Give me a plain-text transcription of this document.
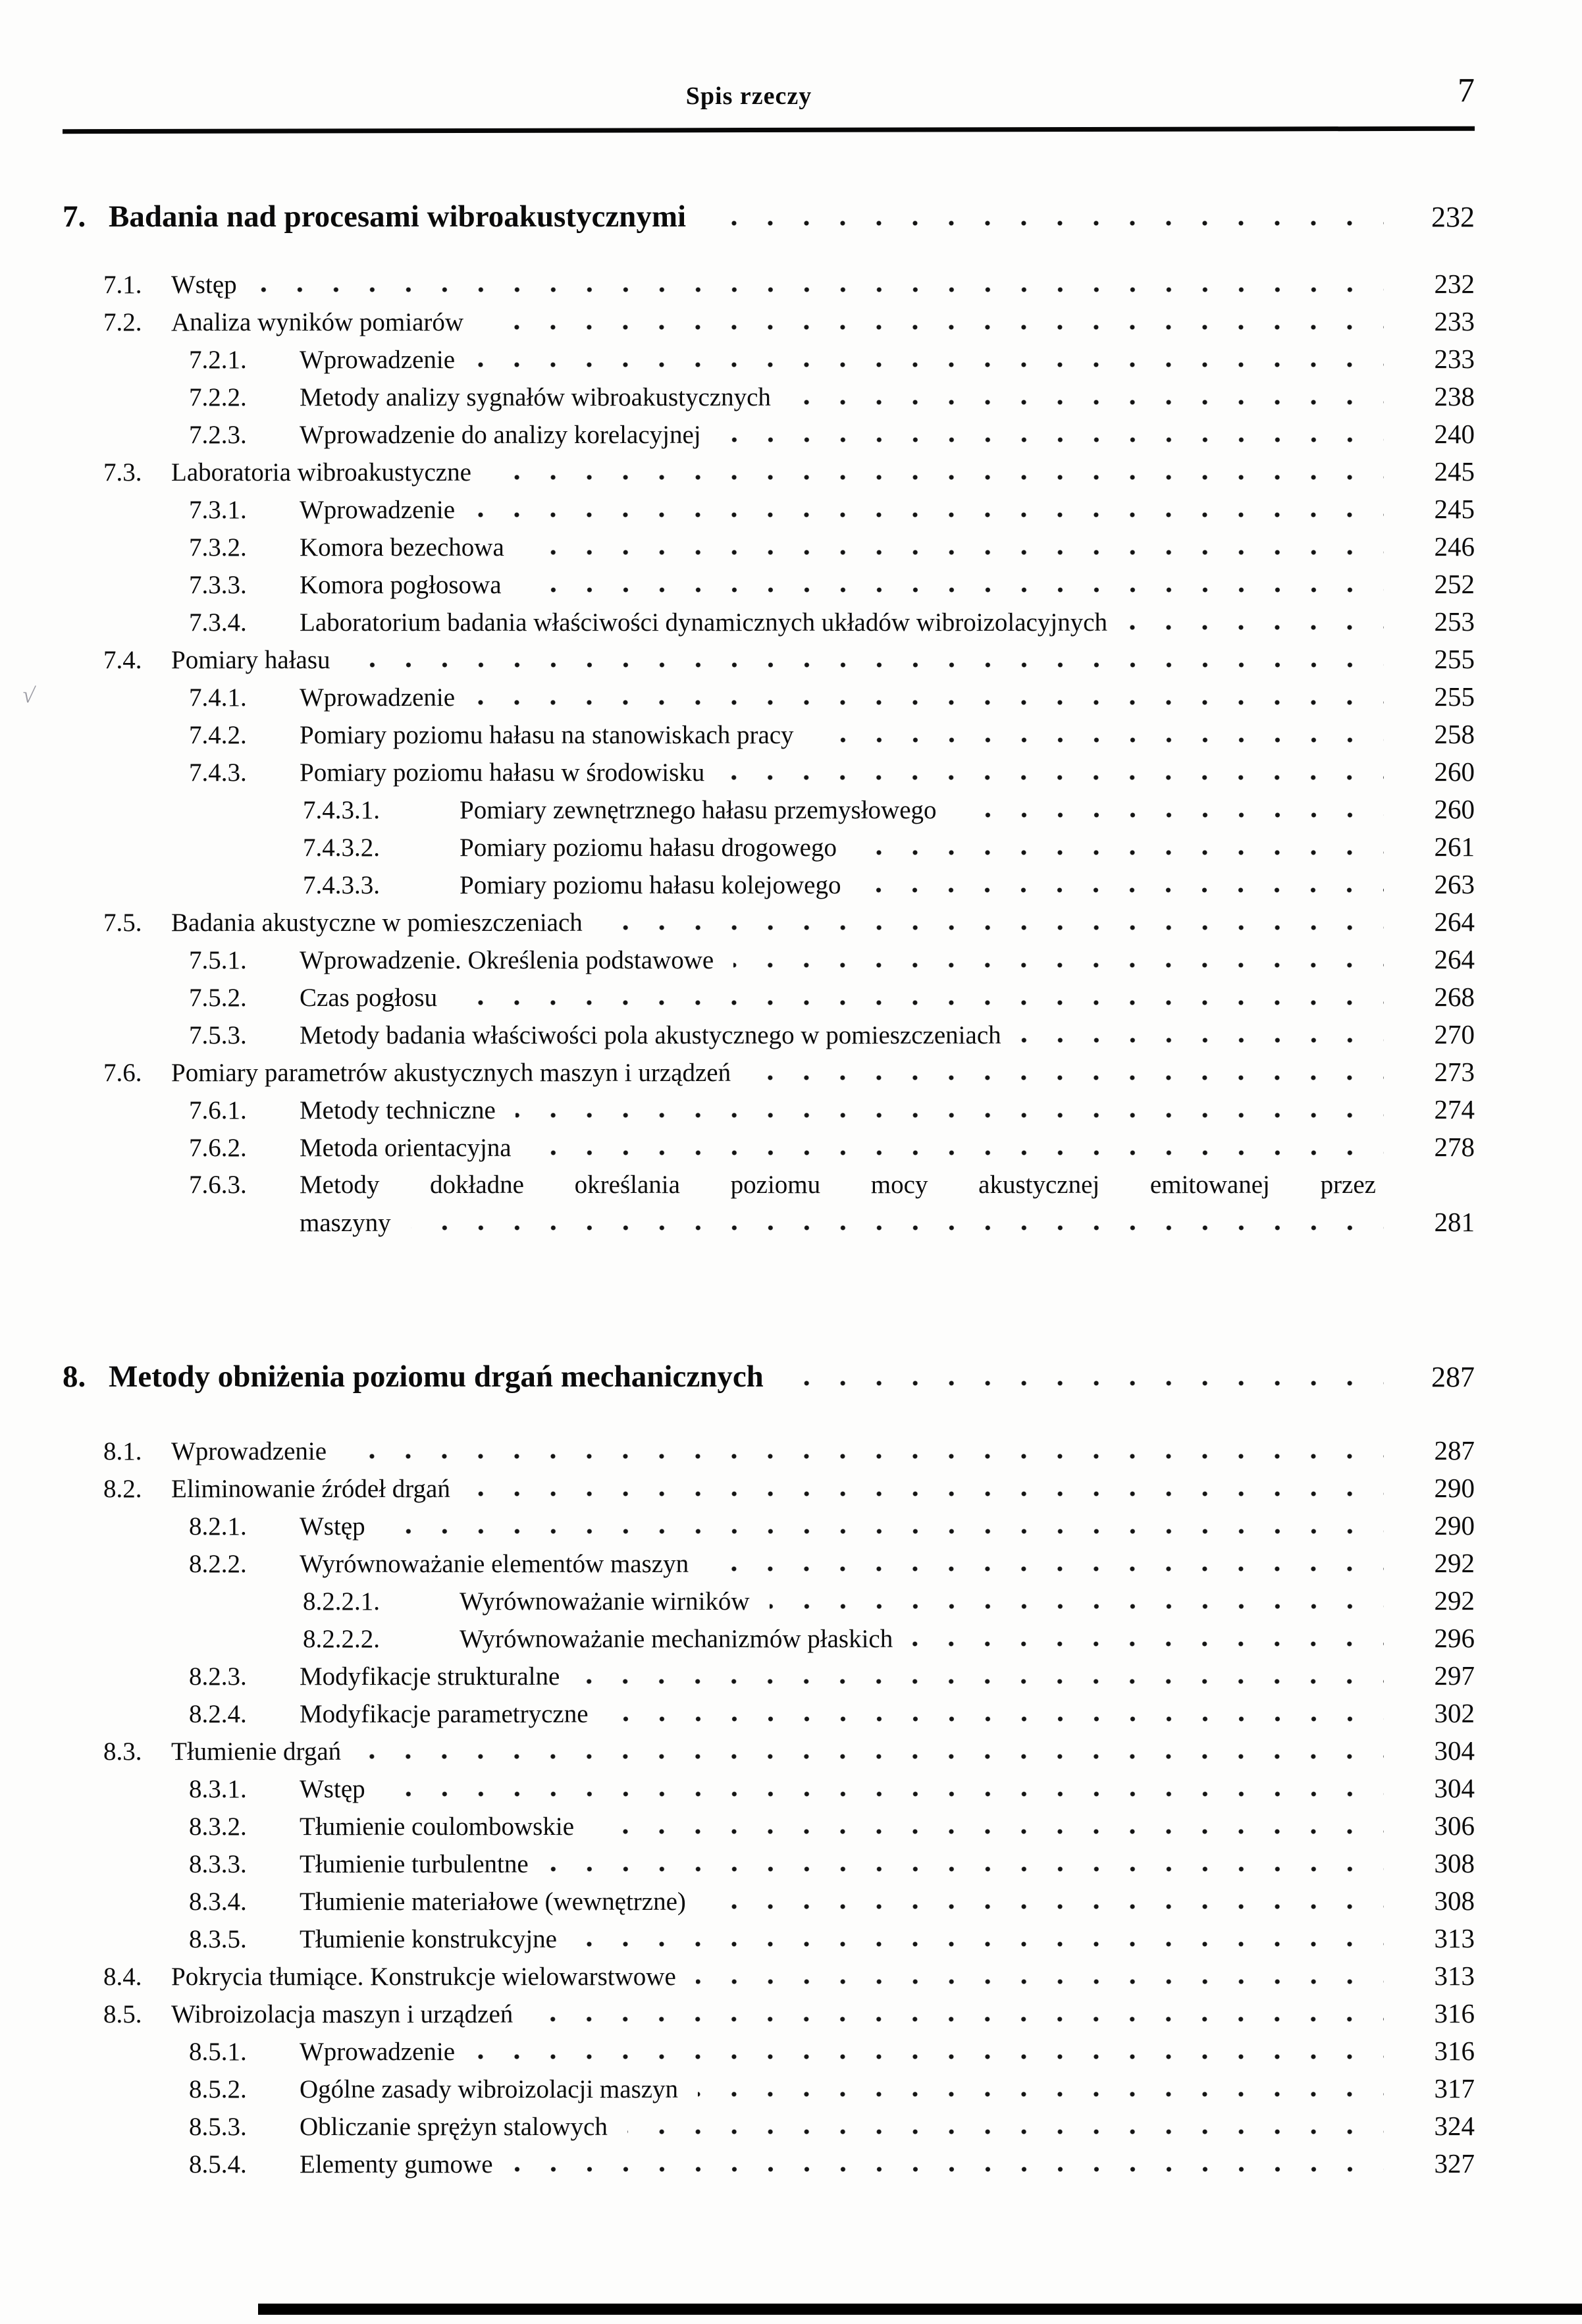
Spis rzeczy	7
7. Badania nad procesami wibroakustycznymi	232
7.1.	Wstęp	232
7.2.	Analiza wyników pomiarów	233
7.2.1.	Wprowadzenie	233
7.2.2.	Metody analizy sygnałów wibroakustycznych	238
7.2.3.	Wprowadzenie do analizy korelacyjnej	240
7.3.	Laboratoria wibroakustyczne	245
7.3.1.	Wprowadzenie	245
7.3.2.	Komora bezechowa	246
7.3.3.	Komora pogłosowa	252
7.3.4.	Laboratorium badania właściwości dynamicznych układów wibroizolacyjnych	253
7.4.	Pomiary hałasu	255
7.4.1.	Wprowadzenie	255
7.4.2.	Pomiary poziomu hałasu na stanowiskach pracy	258
7.4.3.	Pomiary poziomu hałasu w środowisku	260
7.4.3.1.	Pomiary zewnętrznego hałasu przemysłowego	260
7.4.3.2.	Pomiary poziomu hałasu drogowego	261
7.4.3.3.	Pomiary poziomu hałasu kolejowego	263
7.5.	Badania akustyczne w pomieszczeniach	264
7.5.1.	Wprowadzenie. Określenia podstawowe	264
7.5.2.	Czas pogłosu	268
7.5.3.	Metody badania właściwości pola akustycznego w pomieszczeniach	270
7.6.	Pomiary parametrów akustycznych maszyn i urządzeń	273
7.6.1.	Metody techniczne	274
7.6.2.	Metoda orientacyjna	278
7.6.3.	Metody dokładne określania poziomu mocy akustycznej emitowanej przez
maszyny	281
8. Metody obniżenia poziomu drgań mechanicznych	287
8.1.	Wprowadzenie	287
8.2.	Eliminowanie źródeł drgań	290
8.2.1.	Wstęp	290
8.2.2.	Wyrównoważanie elementów maszyn	292
8.2.2.1.	Wyrównoważanie wirników	292
8.2.2.2.	Wyrównoważanie mechanizmów płaskich	296
8.2.3.	Modyfikacje strukturalne	297
8.2.4.	Modyfikacje parametryczne	302
8.3.	Tłumienie drgań	304
8.3.1.	Wstęp	304
8.3.2.	Tłumienie coulombowskie	306
8.3.3.	Tłumienie turbulentne	308
8.3.4.	Tłumienie materiałowe (wewnętrzne)	308
8.3.5.	Tłumienie konstrukcyjne	313
8.4.	Pokrycia tłumiące. Konstrukcje wielowarstwowe	313
8.5.	Wibroizolacja maszyn i urządzeń	316
8.5.1.	Wprowadzenie	316
8.5.2.	Ogólne zasady wibroizolacji maszyn	317
8.5.3.	Obliczanie sprężyn stalowych	324
8.5.4.	Elementy gumowe	327
√
